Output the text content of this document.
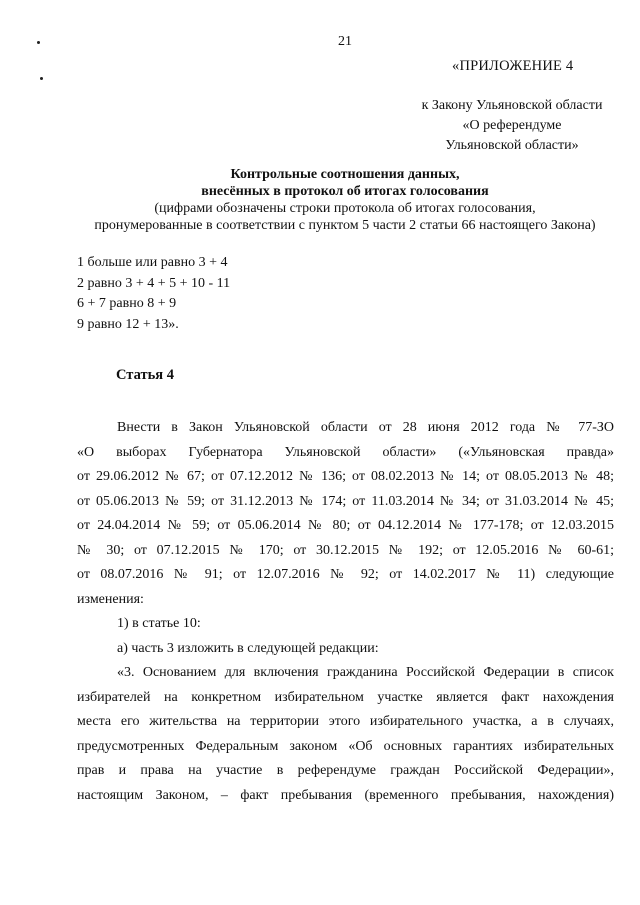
21
«ПРИЛОЖЕНИЕ 4
к Закону Ульяновской области
«О референдуме
Ульяновской области»
Контрольные соотношения данных,
внесённых в протокол об итогах голосования
(цифрами обозначены строки протокола об итогах голосования,
пронумерованные в соответствии с пунктом 5 части 2 статьи 66 настоящего Закона)
1 больше или равно 3 + 4
2 равно 3 + 4 + 5 + 10 - 11
6 + 7 равно 8 + 9
9 равно 12 + 13».
Статья 4
Внести в Закон Ульяновской области от 28 июня 2012 года № 77-ЗО
«О выборах Губернатора Ульяновской области» («Ульяновская правда»
от 29.06.2012 № 67; от 07.12.2012 № 136; от 08.02.2013 № 14; от 08.05.2013 № 48;
от 05.06.2013 № 59; от 31.12.2013 № 174; от 11.03.2014 № 34; от 31.03.2014 № 45;
от 24.04.2014 № 59; от 05.06.2014 № 80; от 04.12.2014 № 177-178; от 12.03.2015
№ 30; от 07.12.2015 № 170; от 30.12.2015 № 192; от 12.05.2016 № 60-61;
от 08.07.2016 № 91; от 12.07.2016 № 92; от 14.02.2017 № 11) следующие
изменения:
1) в статье 10:
а) часть 3 изложить в следующей редакции:
«3. Основанием для включения гражданина Российской Федерации в список
избирателей на конкретном избирательном участке является факт нахождения
места его жительства на территории этого избирательного участка, а в случаях,
предусмотренных Федеральным законом «Об основных гарантиях избирательных
прав и права на участие в референдуме граждан Российской Федерации»,
настоящим Законом, – факт пребывания (временного пребывания, нахождения)
